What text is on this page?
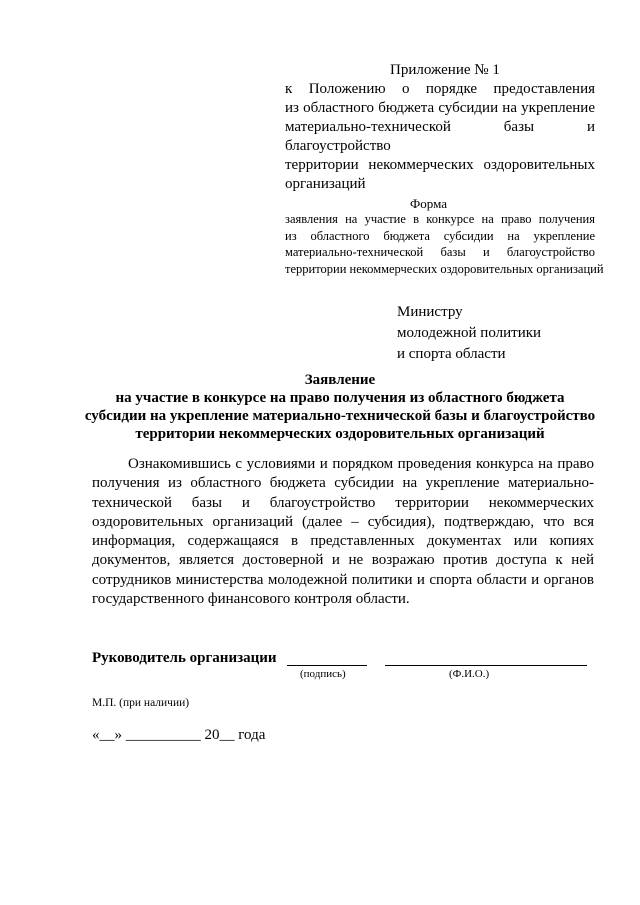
Приложение № 1
к Положению о порядке предоставления
из областного бюджета субсидии на укрепление
материально-технической базы и благоустройство
территории некоммерческих оздоровительных
организаций
Форма
заявления на участие в конкурсе на право получения
из областного бюджета субсидии на укрепление
материально-технической базы и благоустройство
территории некоммерческих оздоровительных организаций
Министру
молодежной политики
и спорта области
Заявление
на участие в конкурсе на право получения из областного бюджета
субсидии на укрепление материально-технической базы и благоустройство
территории некоммерческих оздоровительных организаций
Ознакомившись с условиями и порядком проведения конкурса на право
получения из областного бюджета субсидии на укрепление материально-
технической базы и благоустройство территории некоммерческих
оздоровительных организаций (далее – субсидия), подтверждаю, что вся
информация, содержащаяся в представленных документах или копиях
документов, является достоверной и не возражаю против доступа к ней
сотрудников министерства молодежной политики и спорта области и органов
государственного финансового контроля области.
Руководитель организации
(подпись)	(Ф.И.О.)
М.П. (при наличии)
«__» __________ 20__ года
